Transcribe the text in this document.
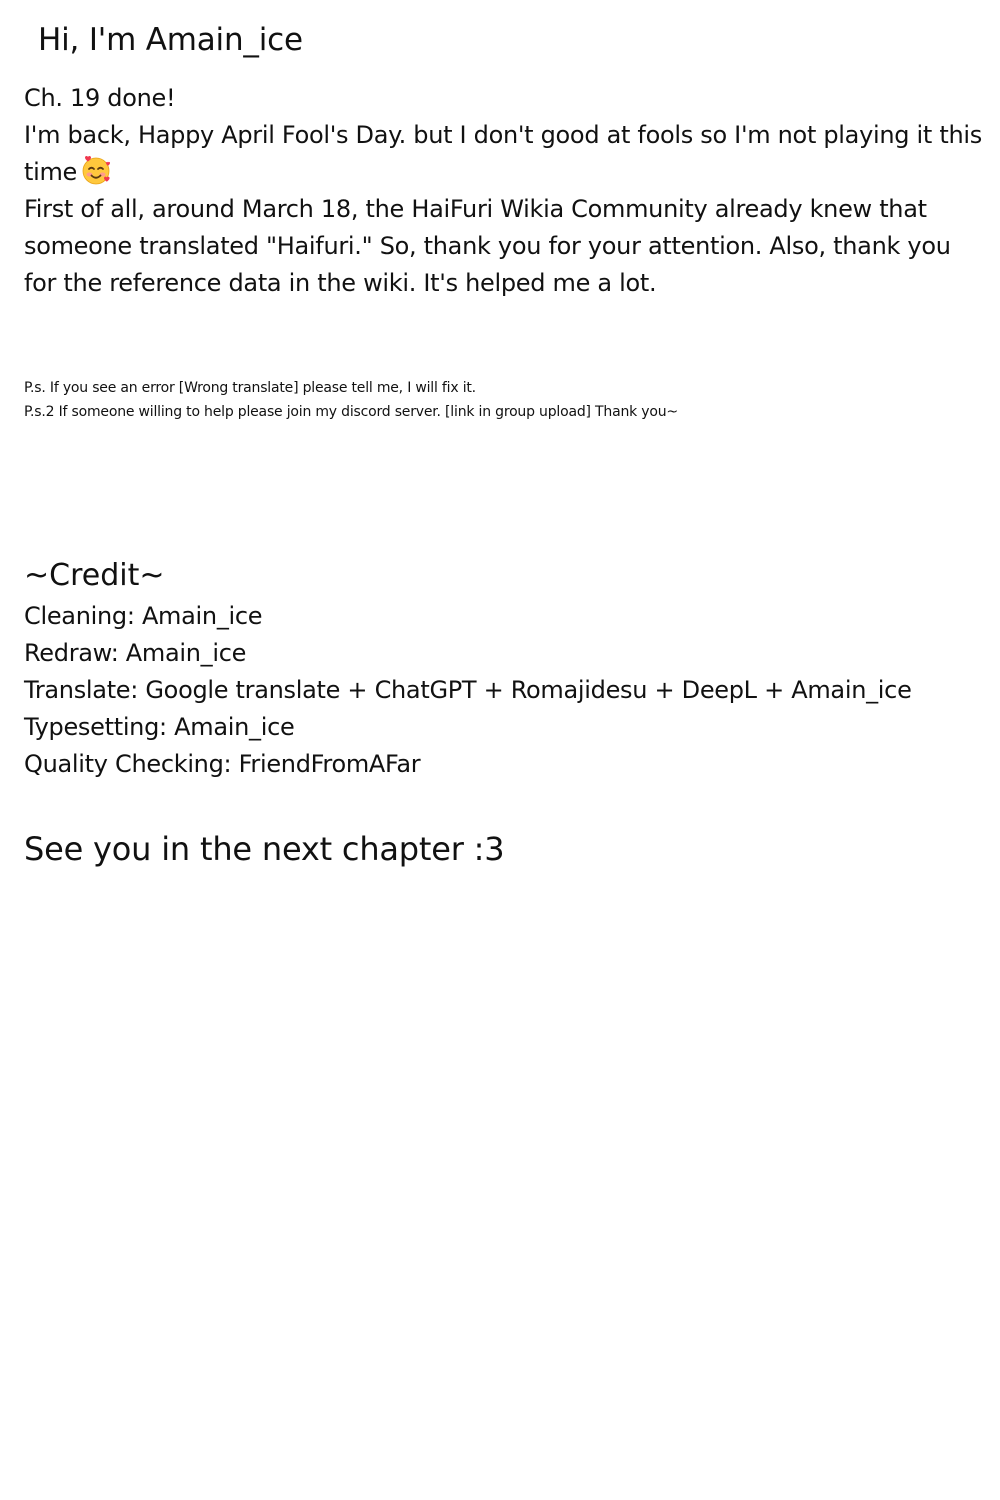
Hi, I'm Amain_ice

Ch. 19 done!

I'm back, Happy April Fool's Day. but I don't good at fools so I'm not playing it this time

First of all, around March 18, the HaiFuri Wikia Community already knew that someone translated "Haifuri." So, thank you for your attention. Also, thank you for the reference data in the wiki. It's helped me a lot.

P.s. If you see an error [Wrong translate] please tell me, I will fix it.

P.s.2 If someone willing to help please join my discord server. [link in group upload] Thank you~

~Credit~

Cleaning: Amain_ice

Redraw: Amain_ice

Translate: Google translate + ChatGPT + Romajidesu + DeepL + Amain_ice

Typesetting: Amain_ice

Quality Checking: FriendFromAFar

See you in the next chapter :3
